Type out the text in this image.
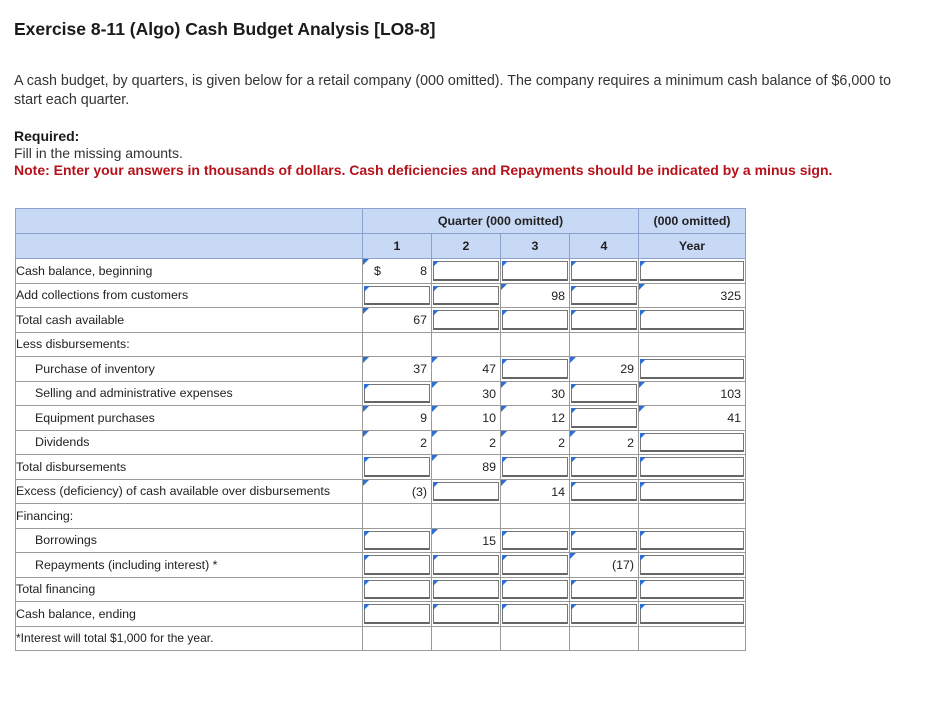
Exercise 8-11 (Algo) Cash Budget Analysis [LO8-8]
A cash budget, by quarters, is given below for a retail company (000 omitted). The company requires a minimum cash balance of $6,000 to start each quarter.
Required:
Fill in the missing amounts.
Note: Enter your answers in thousands of dollars. Cash deficiencies and Repayments should be indicated by a minus sign.
	Quarter (000 omitted)				(000 omitted)
	1	2	3	4	Year
Cash balance, beginning	$ 8				

Add collections from customers			98		325

Total cash available	67				

Less disbursements:					
Purchase of inventory	37	47		29	

Selling and administrative expenses		30	30		103

Equipment purchases	9	10	12		41

Dividends	2	2	2	2	

Total disbursements		89			

Excess (deficiency) of cash available over disbursements	(3)		14		

Financing:					
Borrowings		15			

Repayments (including interest) *				(17)	

Total financing	

Cash balance, ending	

*Interest will total $1,000 for the year.					
